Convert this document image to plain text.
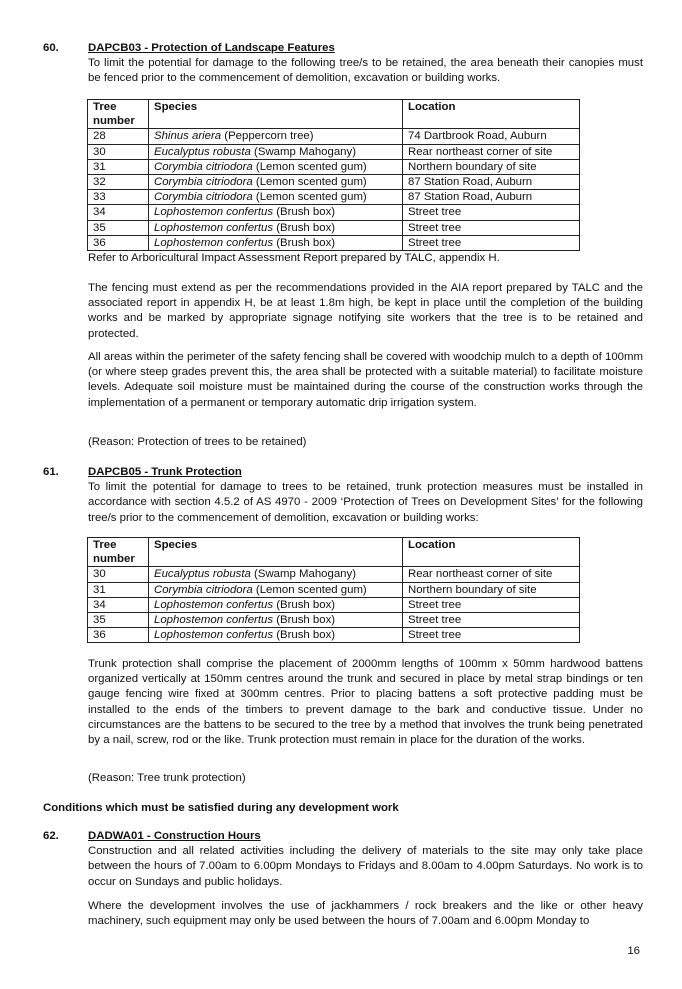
60.	DAPCB03 - Protection of Landscape Features

To limit the potential for damage to the following tree/s to be retained, the area beneath their canopies must be fenced prior to the commencement of demolition, excavation or building works.

Tree number	Species	Location
28	Shinus ariera (Peppercorn tree)	74 Dartbrook Road, Auburn
30	Eucalyptus robusta (Swamp Mahogany)	Rear northeast corner of site
31	Corymbia citriodora (Lemon scented gum)	Northern boundary of site
32	Corymbia citriodora (Lemon scented gum)	87 Station Road, Auburn
33	Corymbia citriodora (Lemon scented gum)	87 Station Road, Auburn
34	Lophostemon confertus (Brush box)	Street tree
35	Lophostemon confertus (Brush box)	Street tree
36	Lophostemon confertus (Brush box)	Street tree

Refer to Arboricultural Impact Assessment Report prepared by TALC, appendix H.

The fencing must extend as per the recommendations provided in the AIA report prepared by TALC and the associated report in appendix H, be at least 1.8m high, be kept in place until the completion of the building works and be marked by appropriate signage notifying site workers that the tree is to be retained and protected.

All areas within the perimeter of the safety fencing shall be covered with woodchip mulch to a depth of 100mm (or where steep grades prevent this, the area shall be protected with a suitable material) to facilitate moisture levels. Adequate soil moisture must be maintained during the course of the construction works through the implementation of a permanent or temporary automatic drip irrigation system.

(Reason: Protection of trees to be retained)

61.	DAPCB05 - Trunk Protection

To limit the potential for damage to trees to be retained, trunk protection measures must be installed in accordance with section 4.5.2 of AS 4970 - 2009 ‘Protection of Trees on Development Sites’ for the following tree/s prior to the commencement of demolition, excavation or building works:

Tree number	Species	Location
30	Eucalyptus robusta (Swamp Mahogany)	Rear northeast corner of site
31	Corymbia citriodora (Lemon scented gum)	Northern boundary of site
34	Lophostemon confertus (Brush box)	Street tree
35	Lophostemon confertus (Brush box)	Street tree
36	Lophostemon confertus (Brush box)	Street tree

Trunk protection shall comprise the placement of 2000mm lengths of 100mm x 50mm hardwood battens organized vertically at 150mm centres around the trunk and secured in place by metal strap bindings or ten gauge fencing wire fixed at 300mm centres. Prior to placing battens a soft protective padding must be installed to the ends of the timbers to prevent damage to the bark and conductive tissue. Under no circumstances are the battens to be secured to the tree by a method that involves the trunk being penetrated by a nail, screw, rod or the like. Trunk protection must remain in place for the duration of the works.

(Reason: Tree trunk protection)

Conditions which must be satisfied during any development work
62.	DADWA01 - Construction Hours

Construction and all related activities including the delivery of materials to the site may only take place between the hours of 7.00am to 6.00pm Mondays to Fridays and 8.00am to 4.00pm Saturdays. No work is to occur on Sundays and public holidays.

Where the development involves the use of jackhammers / rock breakers and the like or other heavy machinery, such equipment may only be used between the hours of 7.00am and 6.00pm Monday to

16
